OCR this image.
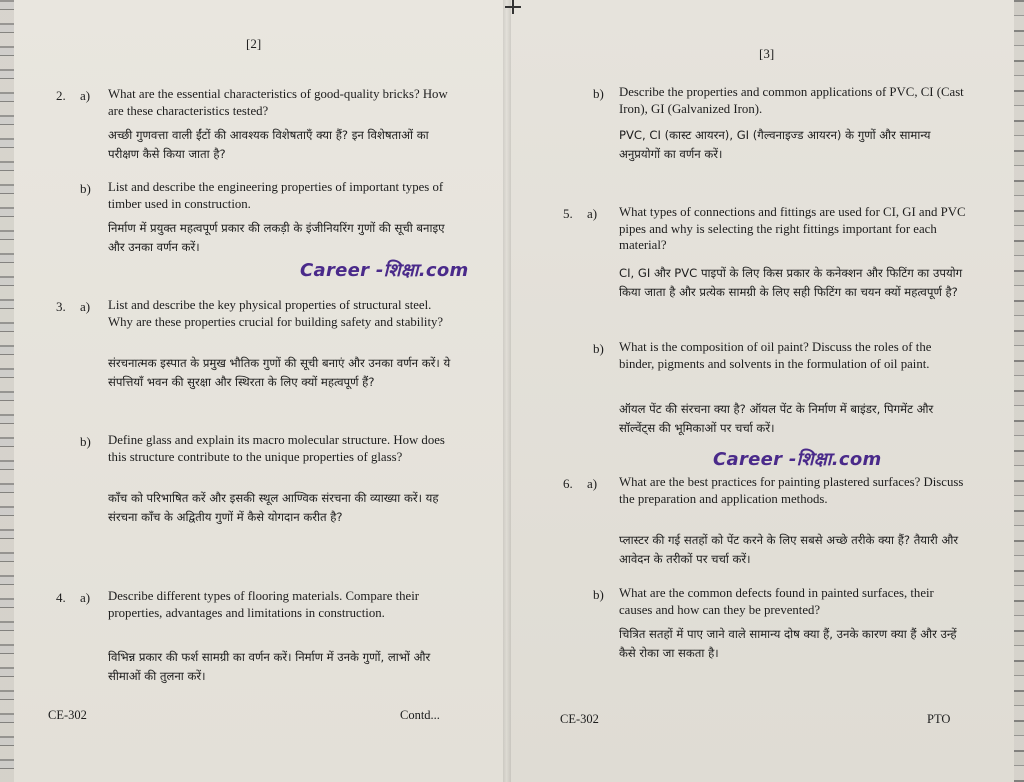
[2]
2. a) What are the essential characteristics of good-quality bricks? How are these characteristics tested?
अच्छी गुणवत्ता वाली ईंटों की आवश्यक विशेषताएँ क्या हैं? इन विशेषताओं का परीक्षण कैसे किया जाता है?
b) List and describe the engineering properties of important types of timber used in construction.
निर्माण में प्रयुक्त महत्वपूर्ण प्रकार की लकड़ी के इंजीनियरिंग गुणों की सूची बनाइए और उनका वर्णन करें।
Career -शिक्षा.com
3. a) List and describe the key physical properties of structural steel. Why are these properties crucial for building safety and stability?
संरचनात्मक इस्पात के प्रमुख भौतिक गुणों की सूची बनाएं और उनका वर्णन करें। ये संपत्तियाँ भवन की सुरक्षा और स्थिरता के लिए क्यों महत्वपूर्ण हैं?
b) Define glass and explain its macro molecular structure. How does this structure contribute to the unique properties of glass?
काँच को परिभाषित करें और इसकी स्थूल आण्विक संरचना की व्याख्या करें। यह संरचना काँच के अद्वितीय गुणों में कैसे योगदान करीत है?
4. a) Describe different types of flooring materials. Compare their properties, advantages and limitations in construction.
विभिन्न प्रकार की फर्श सामग्री का वर्णन करें। निर्माण में उनके गुणों, लाभों और सीमाओं की तुलना करें।
CE-302	Contd...
[3]
b) Describe the properties and common applications of PVC, CI (Cast Iron), GI (Galvanized Iron).
PVC, CI (कास्ट आयरन), GI (गैल्वनाइज्ड आयरन) के गुणों और सामान्य अनुप्रयोगों का वर्णन करें।
5. a) What types of connections and fittings are used for CI, GI and PVC pipes and why is selecting the right fittings important for each material?
CI, GI और PVC पाइपों के लिए किस प्रकार के कनेक्शन और फिटिंग का उपयोग किया जाता है और प्रत्येक सामग्री के लिए सही फिटिंग का चयन क्यों महत्वपूर्ण है?
b) What is the composition of oil paint? Discuss the roles of the binder, pigments and solvents in the formulation of oil paint.
ऑयल पेंट की संरचना क्या है? ऑयल पेंट के निर्माण में बाइंडर, पिगमेंट और सॉल्वेंट्स की भूमिकाओं पर चर्चा करें।
Career -शिक्षा.com
6. a) What are the best practices for painting plastered surfaces? Discuss the preparation and application methods.
प्लास्टर की गई सतहों को पेंट करने के लिए सबसे अच्छे तरीके क्या हैं? तैयारी और आवेदन के तरीकों पर चर्चा करें।
b) What are the common defects found in painted surfaces, their causes and how can they be prevented?
चित्रित सतहों में पाए जाने वाले सामान्य दोष क्या हैं, उनके कारण क्या हैं और उन्हें कैसे रोका जा सकता है।
CE-302	PTO
